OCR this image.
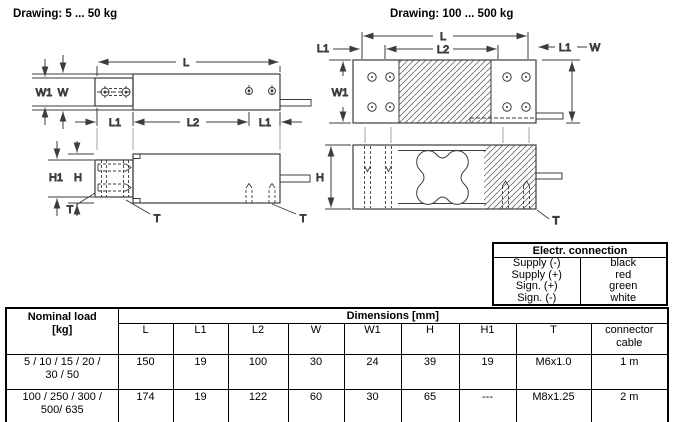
Drawing: 5 ... 50 kg	Drawing: 100 ... 500 kg
L
W1 W
L1	L2	L1
H1 H
T
T	T
H
L
L2
L1	L1 W
W1
T
Electr. connection	
Supply (-)	black
Supply (+)	red
Sign. (+)	green
Sign. (-)	white
Nominal load
[kg]	Dimensions [mm]								
	L	L1	L2	W	W1	H	H1	T	connector
cable

5 / 10 / 15 / 20 /
30 / 50	150	19	100	30	24	39	19	M6x1.0	1 m

100 / 250 / 300 /
500/ 635	174	19	122	60	30	65	---	M8x1.25	2 m
